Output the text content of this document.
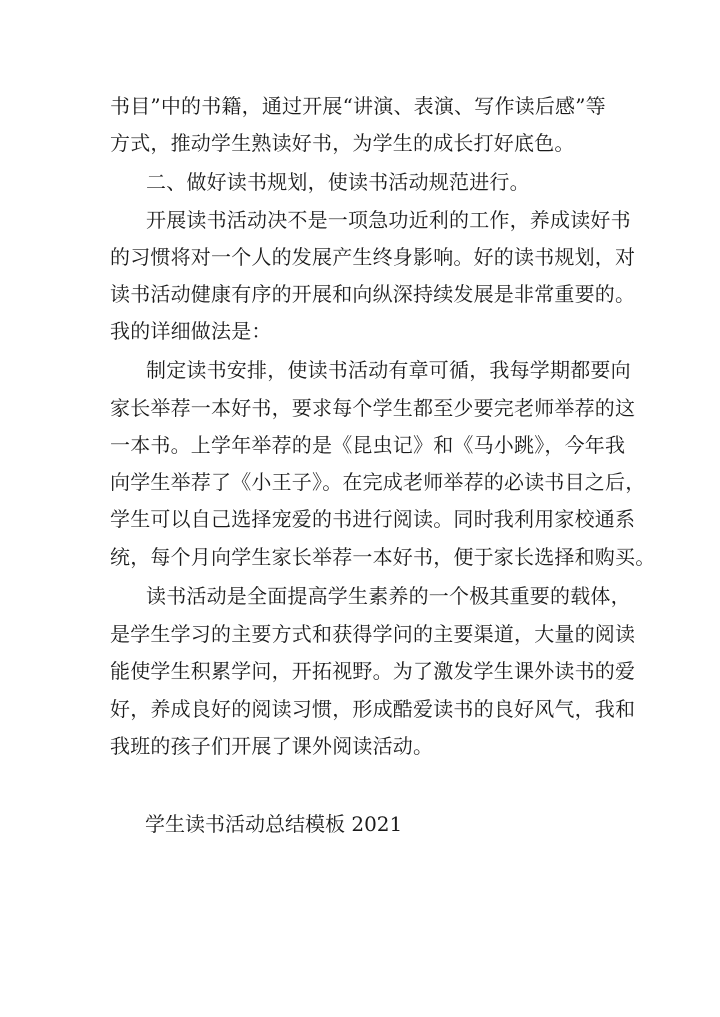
书目”中的书籍，通过开展“讲演、表演、写作读后感”等
方式，推动学生熟读好书，为学生的成长打好底色。
二、做好读书规划，使读书活动规范进行。
开展读书活动决不是一项急功近利的工作，养成读好书
的习惯将对一个人的发展产生终身影响。好的读书规划，对
读书活动健康有序的开展和向纵深持续发展是非常重要的。
我的详细做法是：
制定读书安排，使读书活动有章可循，我每学期都要向
家长举荐一本好书，要求每个学生都至少要完老师举荐的这
一本书。上学年举荐的是《昆虫记》和《马小跳》，今年我
向学生举荐了《小王子》。在完成老师举荐的必读书目之后，
学生可以自己选择宠爱的书进行阅读。同时我利用家校通系
统，每个月向学生家长举荐一本好书，便于家长选择和购买。
读书活动是全面提高学生素养的一个极其重要的载体，
是学生学习的主要方式和获得学问的主要渠道，大量的阅读
能使学生积累学问，开拓视野。为了激发学生课外读书的爱
好，养成良好的阅读习惯，形成酷爱读书的良好风气，我和
我班的孩子们开展了课外阅读活动。
学生读书活动总结模板 2021
